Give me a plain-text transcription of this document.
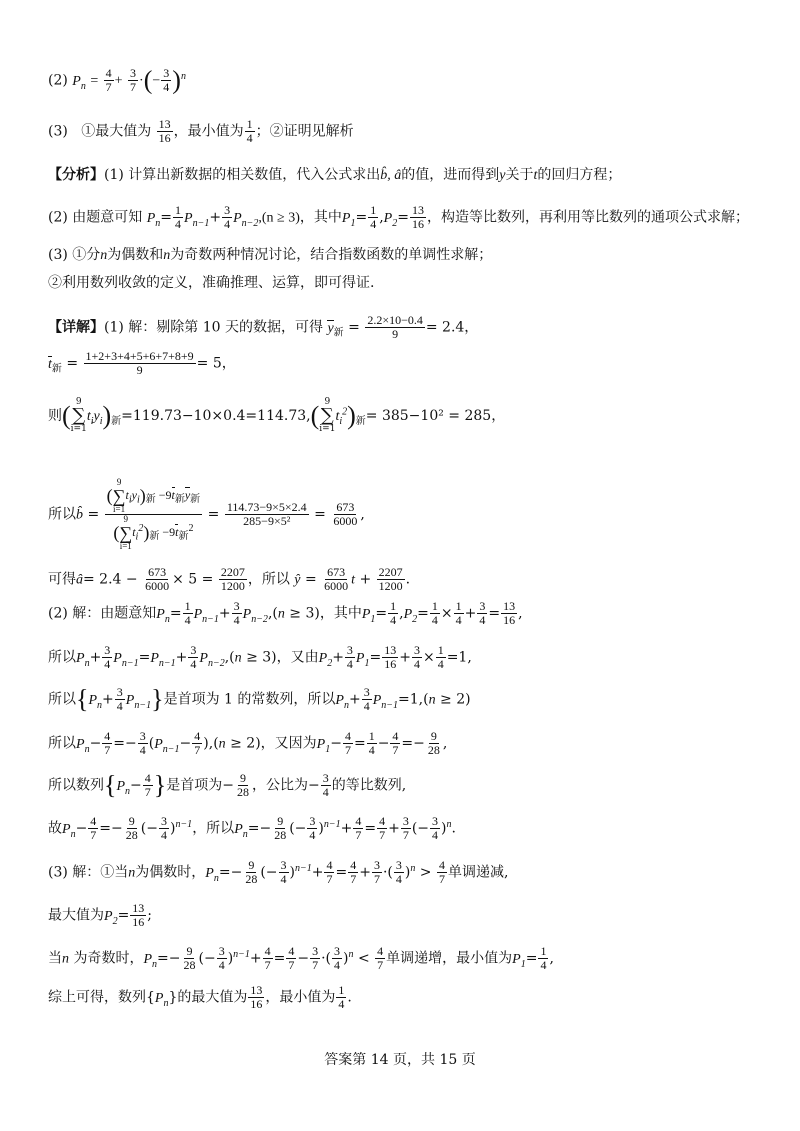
(2) $P_n = \frac{4}{7} + \frac{3}{7}$ ·(− $\frac{3}{4} )^n$
(3) ①最大值为 $\frac{13}{16}$ ，最小值为 $\frac{1}{4}$ ；②证明见解析
【分析】(1) 计算出新数据的相关数值，代入公式求出b̂, â的值，进而得到y关于t的回归方程；
(2) 由题意可知 $P_n= \frac{1}{4} P_{n-1}+ \frac{3}{4} P_{n-2},(n \ge 3)$，其中$P_1= \frac{1}{4} ,P_2= \frac{13}{16}$ ，构造等比数列，再利用等比数列的通项公式求解；
(3) ①分n为偶数和n为奇数两种情况讨论，结合指数函数的单调性求解；
②利用数列收敛的定义，准确推理、运算，即可得证.
【详解】(1) 解：剔除第 10 天的数据，可得 $y_新 = \frac{2.2\times 10-0.4}{9} = 2.4$，
$t_新 = \frac{1+2+3+4+5+6+7+8+9}{9} = 5$，
则( 9
∑
i=1
$t_iy_i)_新=119.73-10\times 0.4=114.73$,( 9
∑
i=1
$t_i^2)_新= 385-10^2 = 285$，
所以b̂ = (
9
∑
i=1
$t_iy_i)_新 -9t_新y_新$
(
9
∑
i=1
$t_i^2)_新 -9t_新^2 = \frac{114.73-9\times 5\times 2.4}{\text{285−9×5²}} = \frac{673}{6000}$ ,
可得â= $2.4 - \frac{673}{6000} \times 5 = \frac{2207}{1200}$ ，所以 ŷ = $\frac{673}{6000}$ $t + \frac{2207}{1200}$ .
(2) 解：由题意知$P_n= \frac{1}{4} P_{n-1}+ \frac{3}{4} P_{n-2},(n \ge 3)$，其中$P_1= \frac{1}{4} ,P_2= \frac{1}{4} \times \frac{1}{4} + \frac{3}{4} = \frac{13}{16}$ ,
所以$P_n+ \frac{3}{4} P_{n-1}=P_{n-1}+ \frac{3}{4} P_{n-2},(n \ge 3)$，又由$P_2+ \frac{3}{4} P_1= \frac{13}{16} + \frac{3}{4} \times \frac{1}{4} =1$,
所以$\{P_n+ \frac{3}{4} P_{n-1}\}$是首项为 1 的常数列，所以$P_n+ \frac{3}{4} P_{n-1}=1,(n \ge 2)$
所以$P_n- \frac{4}{7} =- \frac{3}{4} (P_{n-1}- \frac{4}{7} ),(n \ge 2)$，又因为$P_1- \frac{4}{7} = \frac{1}{4} - \frac{4}{7} =- \frac{9}{28}$ ,
所以数列{$P_n- \frac{4}{7}$ }是首项为− $\frac{9}{28}$ ，公比为− $\frac{3}{4}$ 的等比数列,
故$P_n- \frac{4}{7} =- \frac{9}{28}$ (− $\frac{3}{4} )^{n-1}$，所以$P_n=- \frac{9}{28}$ (− $\frac{3}{4} )^{n-1}+ \frac{4}{7} = \frac{4}{7} + \frac{3}{7}$ (− $\frac{3}{4} )^n$.
(3) 解：①当n为偶数时，$P_n=- \frac{9}{28}$ (− $\frac{3}{4} )^{n-1}+ \frac{4}{7} = \frac{4}{7} + \frac{3}{7}$ ·( $\frac{3}{4} )^n > \frac{4}{7}$ 单调递减,
最大值为$P_2= \frac{13}{16}$ ;
当n 为奇数时，$P_n=- \frac{9}{28}$ (− $\frac{3}{4} )^{n-1}+ \frac{4}{7} = \frac{4}{7} - \frac{3}{7}$ ·( $\frac{3}{4} )^n < \frac{4}{7}$ 单调递增，最小值为$P_1= \frac{1}{4}$ ,
综上可得，数列$\{P_n\}$的最大值为 $\frac{13}{16}$ ，最小值为 $\frac{1}{4}$ .
答案第 14 页，共 15 页
